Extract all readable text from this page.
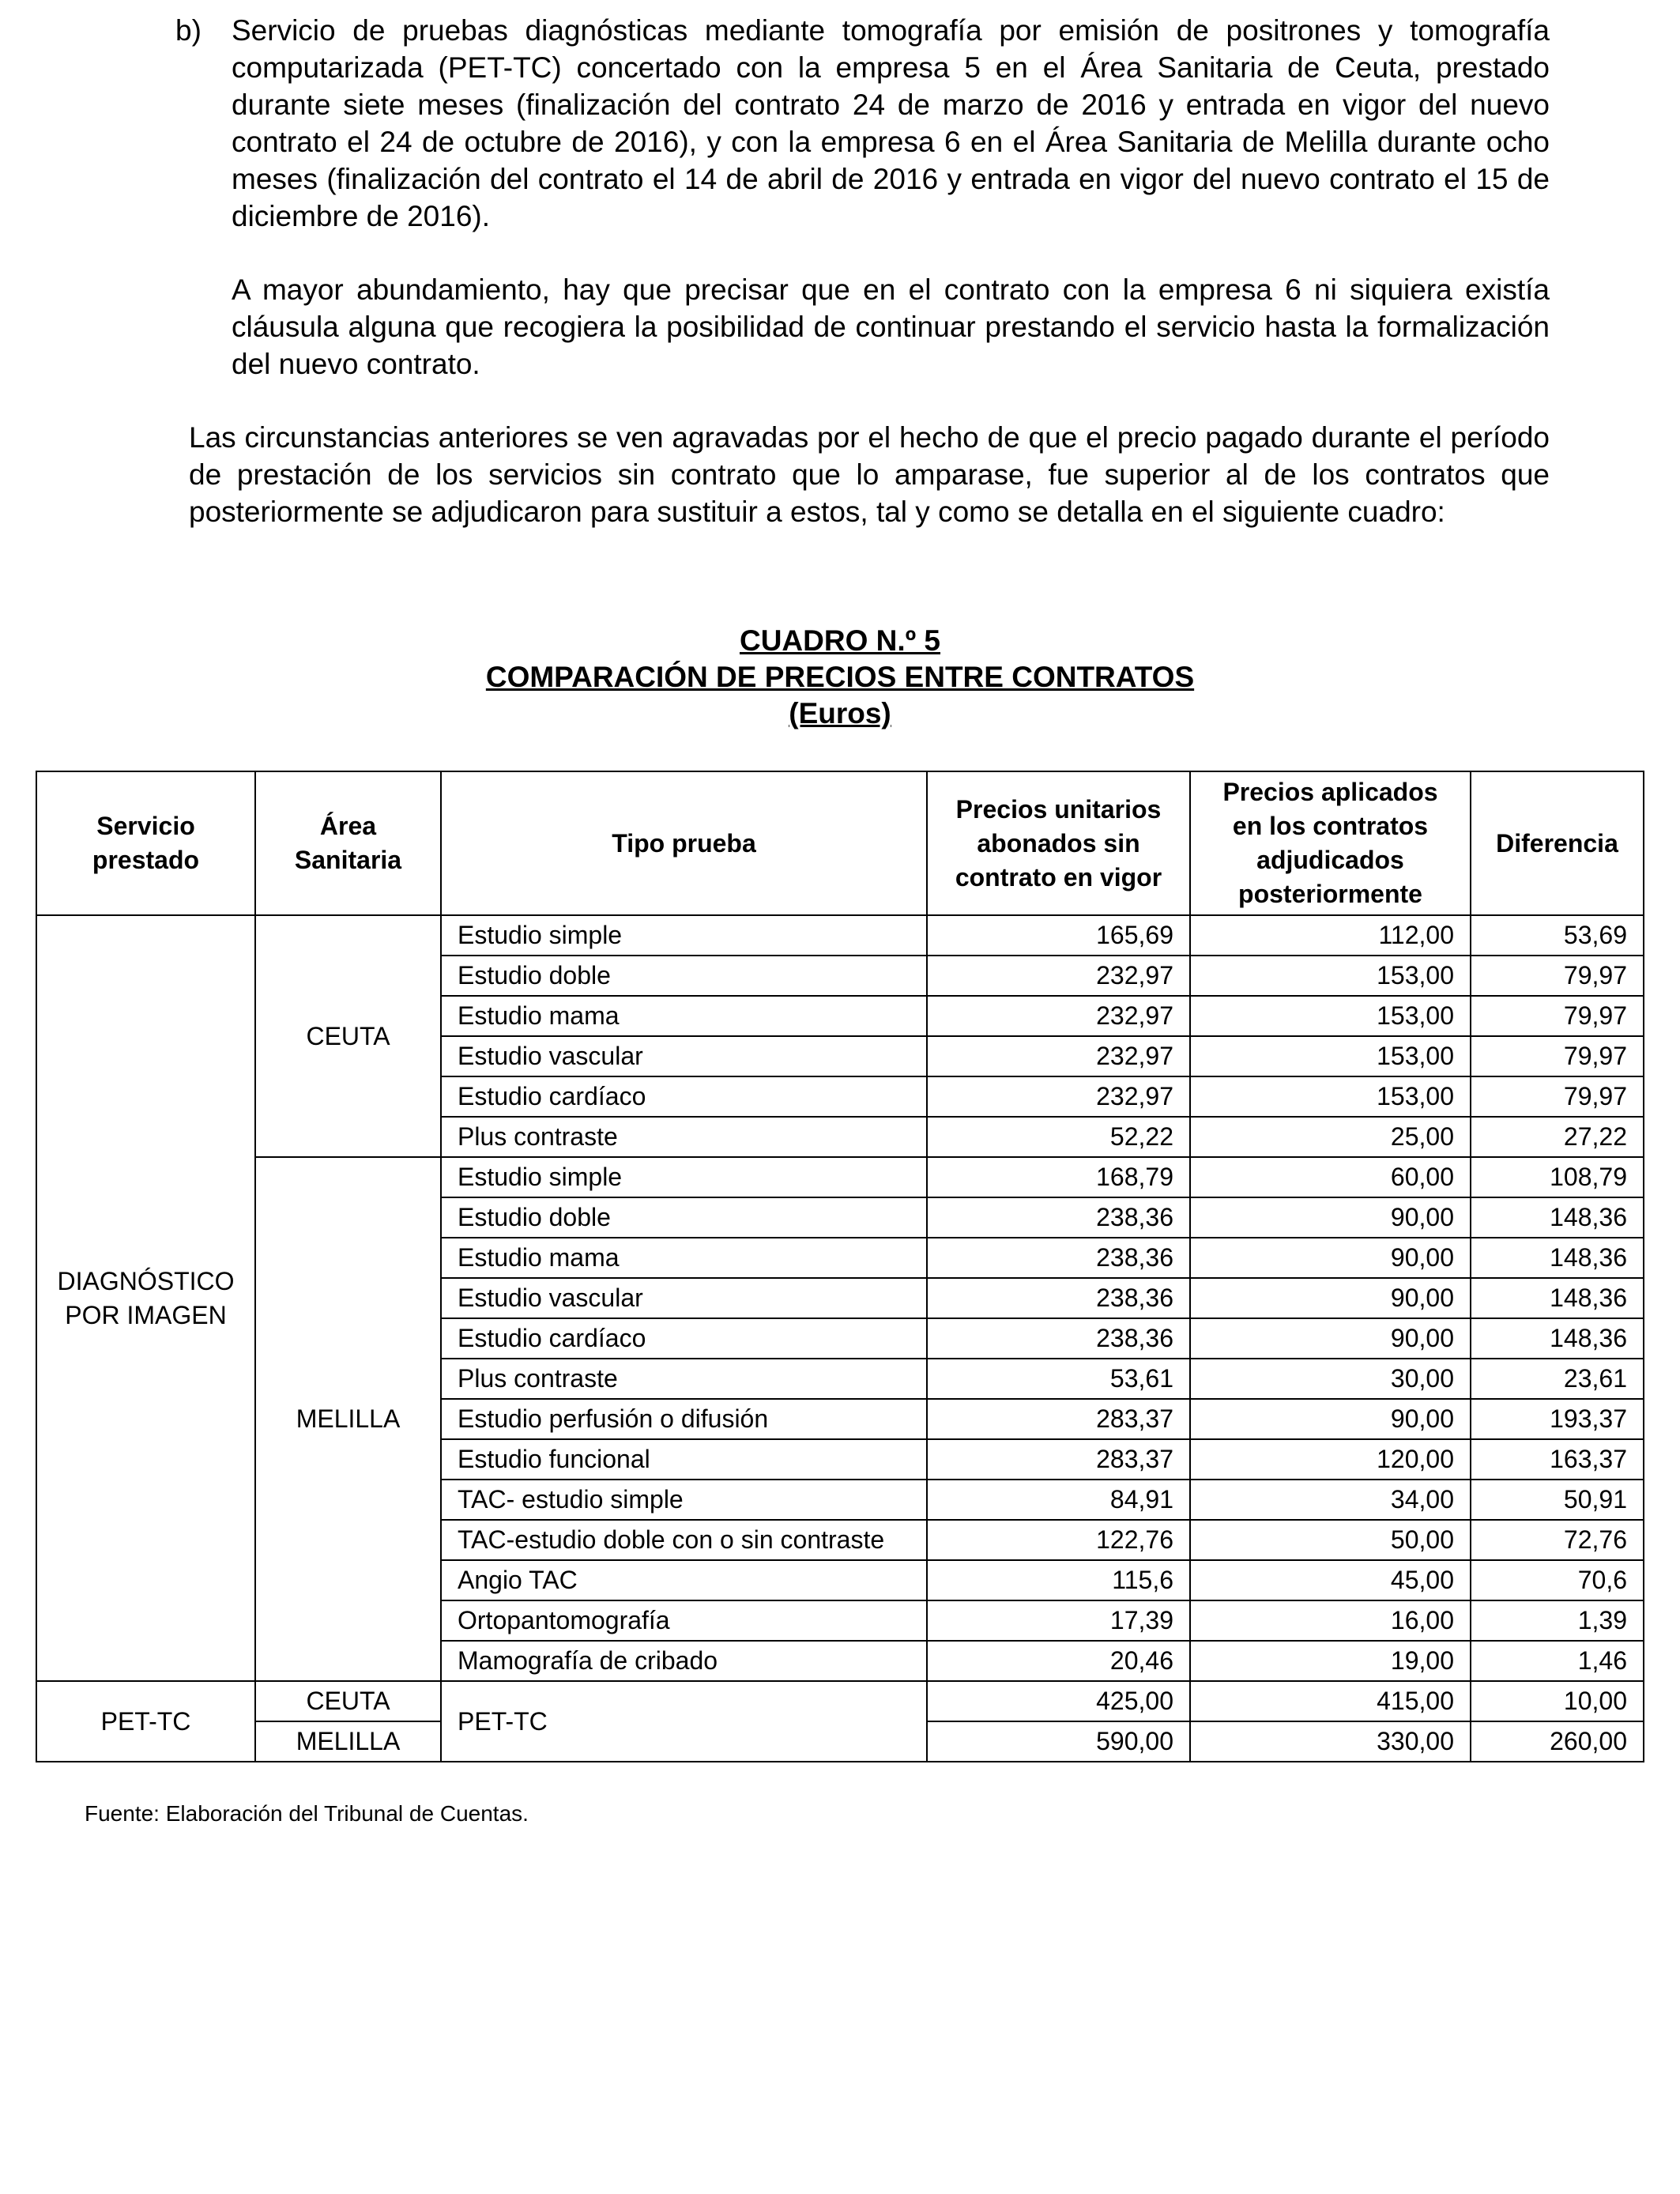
b) Servicio de pruebas diagnósticas mediante tomografía por emisión de positrones y tomografía computarizada (PET-TC) concertado con la empresa 5 en el Área Sanitaria de Ceuta, prestado durante siete meses (finalización del contrato 24 de marzo de 2016 y entrada en vigor del nuevo contrato el 24 de octubre de 2016), y con la empresa 6 en el Área Sanitaria de Melilla durante ocho meses (finalización del contrato el 14 de abril de 2016 y entrada en vigor del nuevo contrato el 15 de diciembre de 2016).

A mayor abundamiento, hay que precisar que en el contrato con la empresa 6 ni siquiera existía cláusula alguna que recogiera la posibilidad de continuar prestando el servicio hasta la formalización del nuevo contrato.

Las circunstancias anteriores se ven agravadas por el hecho de que el precio pagado durante el período de prestación de los servicios sin contrato que lo amparase, fue superior al de los contratos que posteriormente se adjudicaron para sustituir a estos, tal y como se detalla en el siguiente cuadro:

CUADRO N.º 5

COMPARACIÓN DE PRECIOS ENTRE CONTRATOS

(Euros)

Servicio prestado	Área Sanitaria	Tipo prueba	Precios unitarios abonados sin contrato en vigor	Precios aplicados en los contratos adjudicados posteriormente	Diferencia
DIAGNÓSTICO POR IMAGEN	CEUTA	Estudio simple	165,69	112,00	53,69
		Estudio doble	232,97	153,00	79,97
		Estudio mama	232,97	153,00	79,97
		Estudio vascular	232,97	153,00	79,97
		Estudio cardíaco	232,97	153,00	79,97
		Plus contraste	52,22	25,00	27,22
	MELILLA	Estudio simple	168,79	60,00	108,79
		Estudio doble	238,36	90,00	148,36
		Estudio mama	238,36	90,00	148,36
		Estudio vascular	238,36	90,00	148,36
		Estudio cardíaco	238,36	90,00	148,36
		Plus contraste	53,61	30,00	23,61
		Estudio perfusión o difusión	283,37	90,00	193,37
		Estudio funcional	283,37	120,00	163,37
		TAC- estudio simple	84,91	34,00	50,91
		TAC-estudio doble con o sin contraste	122,76	50,00	72,76
		Angio TAC	115,6	45,00	70,6
		Ortopantomografía	17,39	16,00	1,39
		Mamografía de cribado	20,46	19,00	1,46
PET-TC	CEUTA	PET-TC	425,00	415,00	10,00
	MELILLA		590,00	330,00	260,00

Fuente: Elaboración del Tribunal de Cuentas.
